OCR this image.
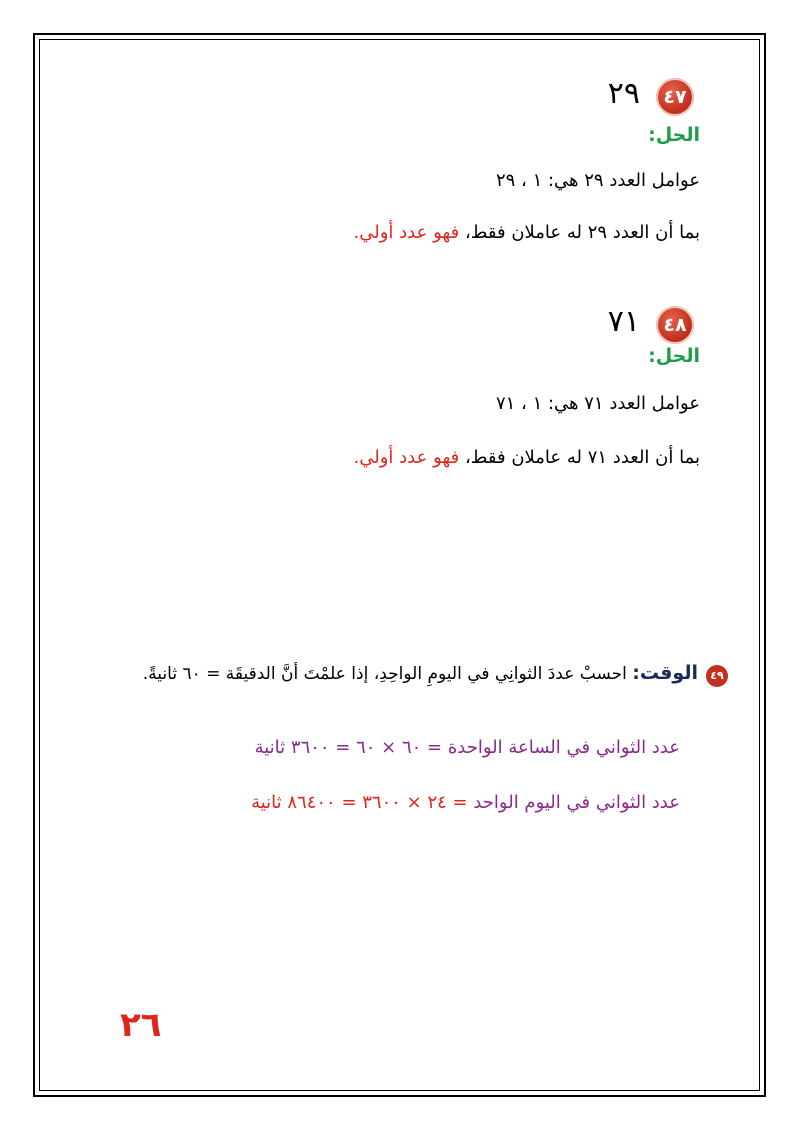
٤٧
٢٩
الحل:
عوامل العدد ٢٩ هي: ١ ، ٢٩
بما أن العدد ٢٩ له عاملان فقط، فهو عدد أولي.
٤٨
٧١
الحل:
عوامل العدد ٧١ هي: ١ ، ٧١
بما أن العدد ٧١ له عاملان فقط، فهو عدد أولي.
٤٩
الوقت: احسبْ عددَ الثوانِي في اليومِ الواحِدِ، إذا علمْتَ أنَّ الدقيقَة = ٦٠ ثانيةً.
عدد الثواني في الساعة الواحدة = ٦٠ × ٦٠ = ٣٦٠٠ ثانية
عدد الثواني في اليوم الواحد = ٢٤ × ٣٦٠٠ = ٨٦٤٠٠ ثانية
٢٦
